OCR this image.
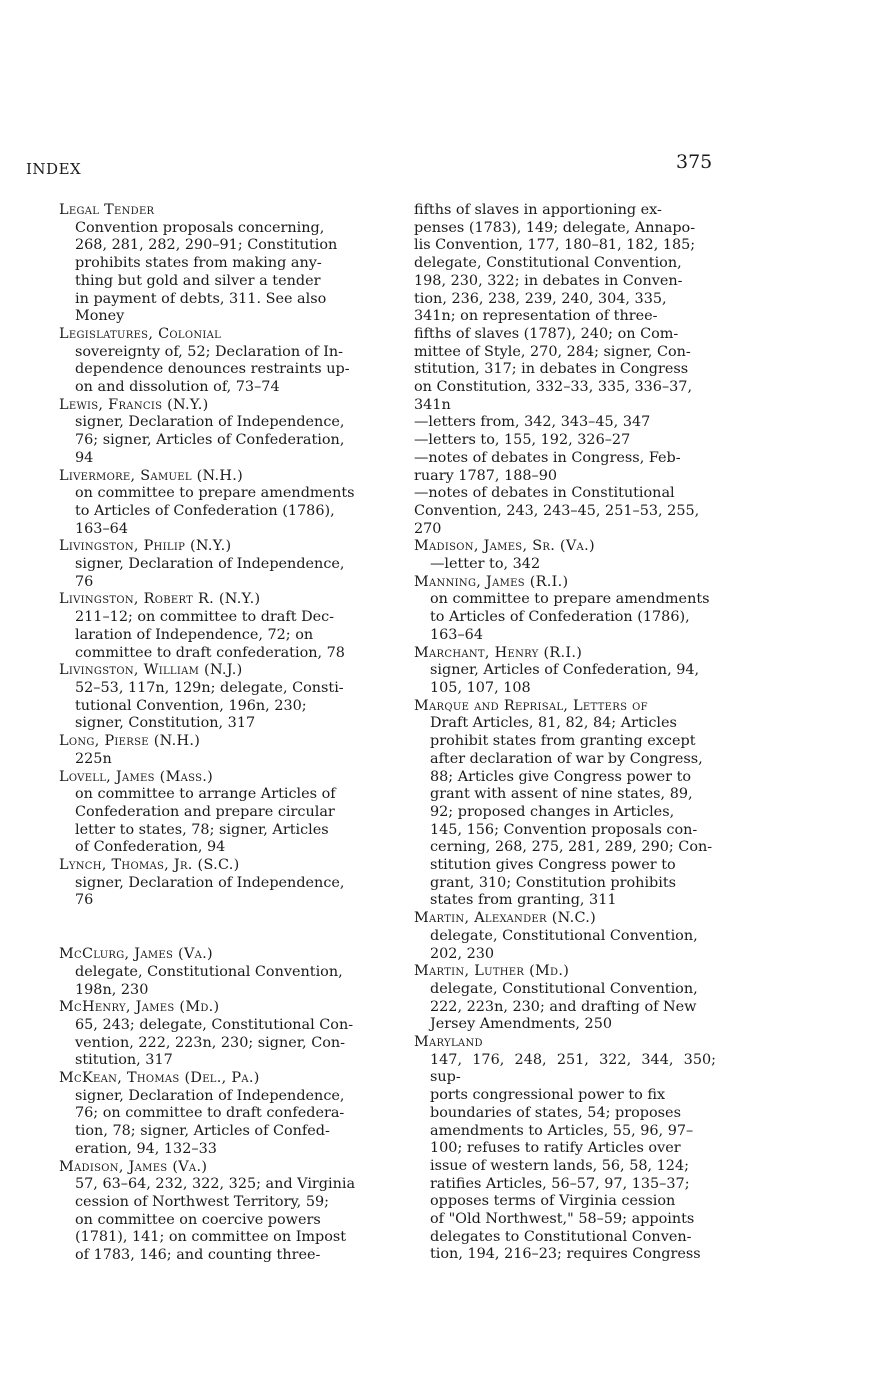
INDEX	375
Legal Tender
Convention proposals concerning,
268, 281, 282, 290–91; Constitution
prohibits states from making any-
thing but gold and silver a tender
in payment of debts, 311. See also
Money
Legislatures, Colonial
sovereignty of, 52; Declaration of In-
dependence denounces restraints up-
on and dissolution of, 73–74
Lewis, Francis (N.Y.)
signer, Declaration of Independence,
76; signer, Articles of Confederation,
94
Livermore, Samuel (N.H.)
on committee to prepare amendments
to Articles of Confederation (1786),
163–64
Livingston, Philip (N.Y.)
signer, Declaration of Independence,
76
Livingston, Robert R. (N.Y.)
211–12; on committee to draft Dec-
laration of Independence, 72; on
committee to draft confederation, 78
Livingston, William (N.J.)
52–53, 117n, 129n; delegate, Consti-
tutional Convention, 196n, 230;
signer, Constitution, 317
Long, Pierse (N.H.)
225n
Lovell, James (Mass.)
on committee to arrange Articles of
Confederation and prepare circular
letter to states, 78; signer, Articles
of Confederation, 94
Lynch, Thomas, Jr. (S.C.)
signer, Declaration of Independence,
76
McClurg, James (Va.)
delegate, Constitutional Convention,
198n, 230
McHenry, James (Md.)
65, 243; delegate, Constitutional Con-
vention, 222, 223n, 230; signer, Con-
stitution, 317
McKean, Thomas (Del., Pa.)
signer, Declaration of Independence,
76; on committee to draft confedera-
tion, 78; signer, Articles of Confed-
eration, 94, 132–33
Madison, James (Va.)
57, 63–64, 232, 322, 325; and Virginia
cession of Northwest Territory, 59;
on committee on coercive powers
(1781), 141; on committee on Impost
of 1783, 146; and counting three-
fifths of slaves in apportioning ex-
penses (1783), 149; delegate, Annapo-
lis Convention, 177, 180–81, 182, 185;
delegate, Constitutional Convention,
198, 230, 322; in debates in Conven-
tion, 236, 238, 239, 240, 304, 335,
341n; on representation of three-
fifths of slaves (1787), 240; on Com-
mittee of Style, 270, 284; signer, Con-
stitution, 317; in debates in Congress
on Constitution, 332–33, 335, 336–37,
341n
—letters from, 342, 343–45, 347
—letters to, 155, 192, 326–27
—notes of debates in Congress, Feb-
ruary 1787, 188–90
—notes of debates in Constitutional
Convention, 243, 243–45, 251–53, 255,
270
Madison, James, Sr. (Va.)
—letter to, 342
Manning, James (R.I.)
on committee to prepare amendments
to Articles of Confederation (1786),
163–64
Marchant, Henry (R.I.)
signer, Articles of Confederation, 94,
105, 107, 108
Marque and Reprisal, Letters of
Draft Articles, 81, 82, 84; Articles
prohibit states from granting except
after declaration of war by Congress,
88; Articles give Congress power to
grant with assent of nine states, 89,
92; proposed changes in Articles,
145, 156; Convention proposals con-
cerning, 268, 275, 281, 289, 290; Con-
stitution gives Congress power to
grant, 310; Constitution prohibits
states from granting, 311
Martin, Alexander (N.C.)
delegate, Constitutional Convention,
202, 230
Martin, Luther (Md.)
delegate, Constitutional Convention,
222, 223n, 230; and drafting of New
Jersey Amendments, 250
Maryland
147, 176, 248, 251, 322, 344, 350; sup-
ports congressional power to fix
boundaries of states, 54; proposes
amendments to Articles, 55, 96, 97–
100; refuses to ratify Articles over
issue of western lands, 56, 58, 124;
ratifies Articles, 56–57, 97, 135–37;
opposes terms of Virginia cession
of "Old Northwest," 58–59; appoints
delegates to Constitutional Conven-
tion, 194, 216–23; requires Congress
